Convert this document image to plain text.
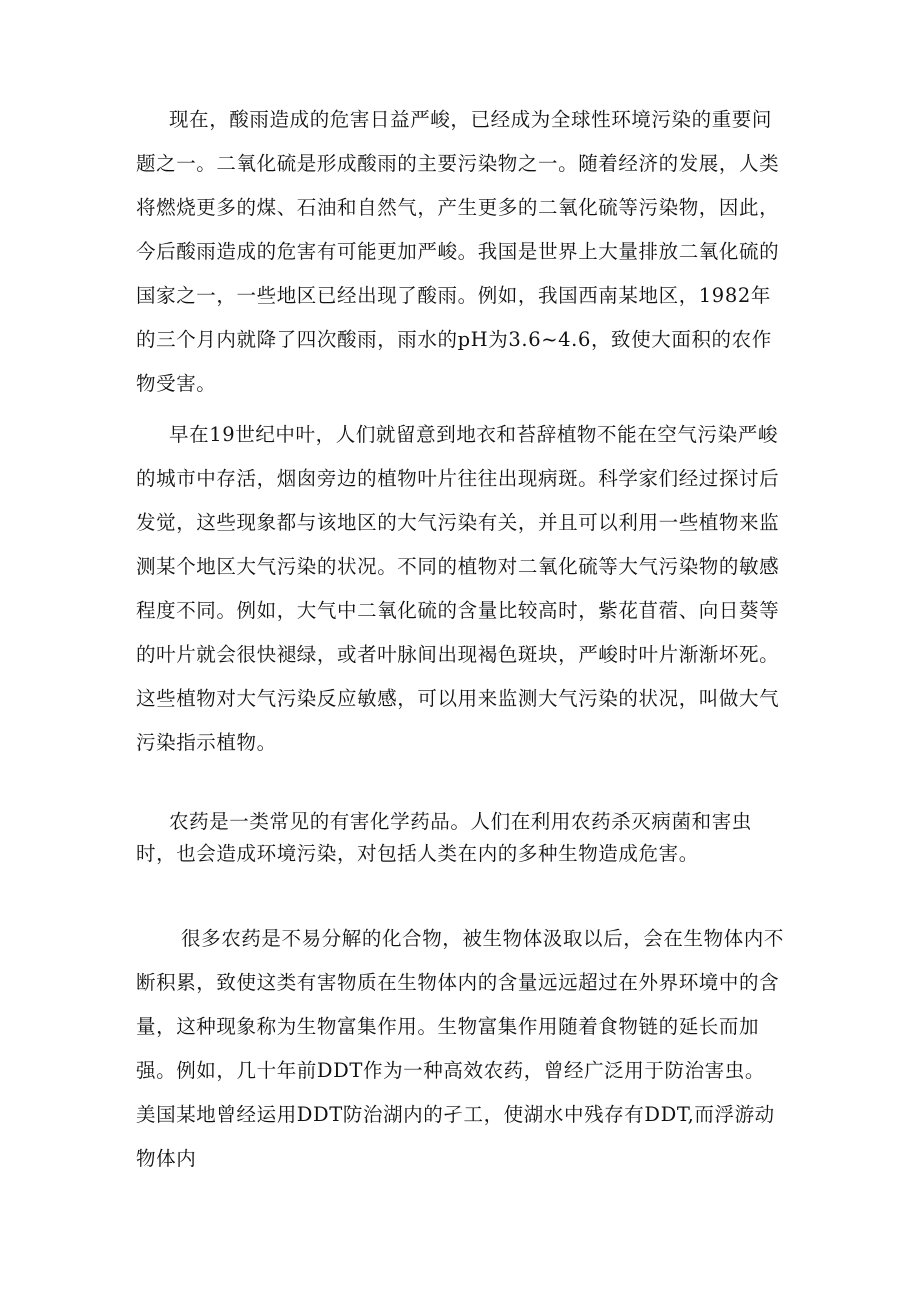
现在，酸雨造成的危害日益严峻，已经成为全球性环境污染的重要问题之一。二氧化硫是形成酸雨的主要污染物之一。随着经济的发展，人类将燃烧更多的煤、石油和自然气，产生更多的二氧化硫等污染物，因此，今后酸雨造成的危害有可能更加严峻。我国是世界上大量排放二氧化硫的国家之一，一些地区已经出现了酸雨。例如，我国西南某地区，1982年的三个月内就降了四次酸雨，雨水的pH为3.6~4.6，致使大面积的农作物受害。

早在19世纪中叶，人们就留意到地衣和苔辞植物不能在空气污染严峻的城市中存活，烟囱旁边的植物叶片往往出现病斑。科学家们经过探讨后发觉，这些现象都与该地区的大气污染有关，并且可以利用一些植物来监测某个地区大气污染的状况。不同的植物对二氧化硫等大气污染物的敏感程度不同。例如，大气中二氧化硫的含量比较高时，紫花苜蓿、向日葵等的叶片就会很快褪绿，或者叶脉间出现褐色斑块，严峻时叶片渐渐坏死。这些植物对大气污染反应敏感，可以用来监测大气污染的状况，叫做大气污染指示植物。

农药是一类常见的有害化学药品。人们在利用农药杀灭病菌和害虫时，也会造成环境污染，对包括人类在内的多种生物造成危害。

很多农药是不易分解的化合物，被生物体汲取以后，会在生物体内不断积累，致使这类有害物质在生物体内的含量远远超过在外界环境中的含量，这种现象称为生物富集作用。生物富集作用随着食物链的延长而加强。例如，几十年前DDT作为一种高效农药，曾经广泛用于防治害虫。美国某地曾经运用DDT防治湖内的孑工，使湖水中残存有DDT,而浮游动物体内
